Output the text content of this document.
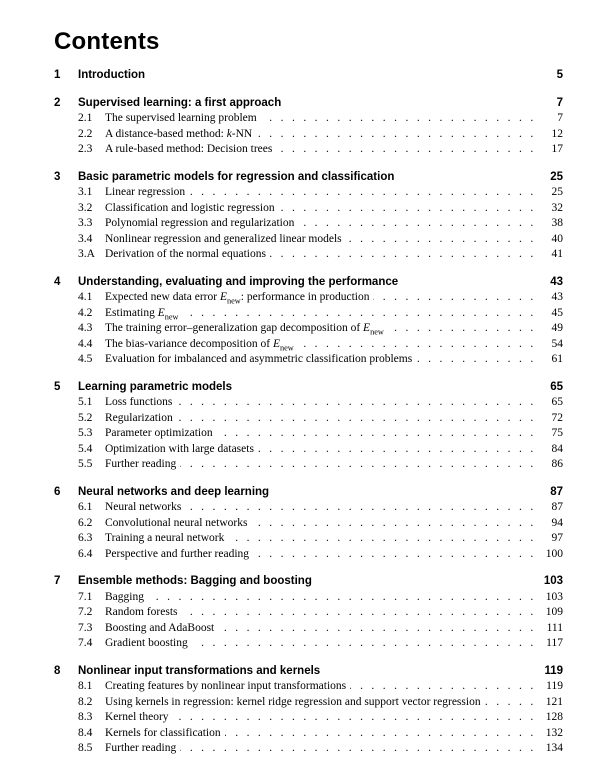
Contents
1	Introduction	5
2	Supervised learning: a first approach	7
2.1	The supervised learning problem . . .	7
2.2	A distance-based method: k-NN . . .	12
2.3	A rule-based method: Decision trees . . .	17
3	Basic parametric models for regression and classification	25
3.1	Linear regression . . .	25
3.2	Classification and logistic regression . . .	32
3.3	Polynomial regression and regularization . . .	38
3.4	Nonlinear regression and generalized linear models . . .	40
3.A Derivation of the normal equations . . .	41
4	Understanding, evaluating and improving the performance	43
4.1	Expected new data error $E_{new}$: performance in production . . .	43
4.2	Estimating $E_{new}$ . . .	45
4.3	The training error–generalization gap decomposition of $E_{new}$ . . .	49
4.4	The bias-variance decomposition of $E_{new}$ . . .	54
4.5	Evaluation for imbalanced and asymmetric classification problems . . .	61
5	Learning parametric models	65
5.1	Loss functions . . .	65
5.2	Regularization . . .	72
5.3	Parameter optimization . . .	75
5.4	Optimization with large datasets . . .	84
5.5	Further reading . . .	86
6	Neural networks and deep learning	87
6.1	Neural networks . . .	87
6.2	Convolutional neural networks . . .	94
6.3	Training a neural network . . .	97
6.4	Perspective and further reading . . .	100
7	Ensemble methods: Bagging and boosting	103
7.1	Bagging . . .	103
7.2	Random forests . . .	109
7.3	Boosting and AdaBoost . . .	111
7.4	Gradient boosting . . .	117
8	Nonlinear input transformations and kernels	119
8.1	Creating features by nonlinear input transformations . . .	119
8.2	Using kernels in regression: kernel ridge regression and support vector regression . . .	121
8.3	Kernel theory . . .	128
8.4	Kernels for classification . . .	132
8.5	Further reading . . .	134
